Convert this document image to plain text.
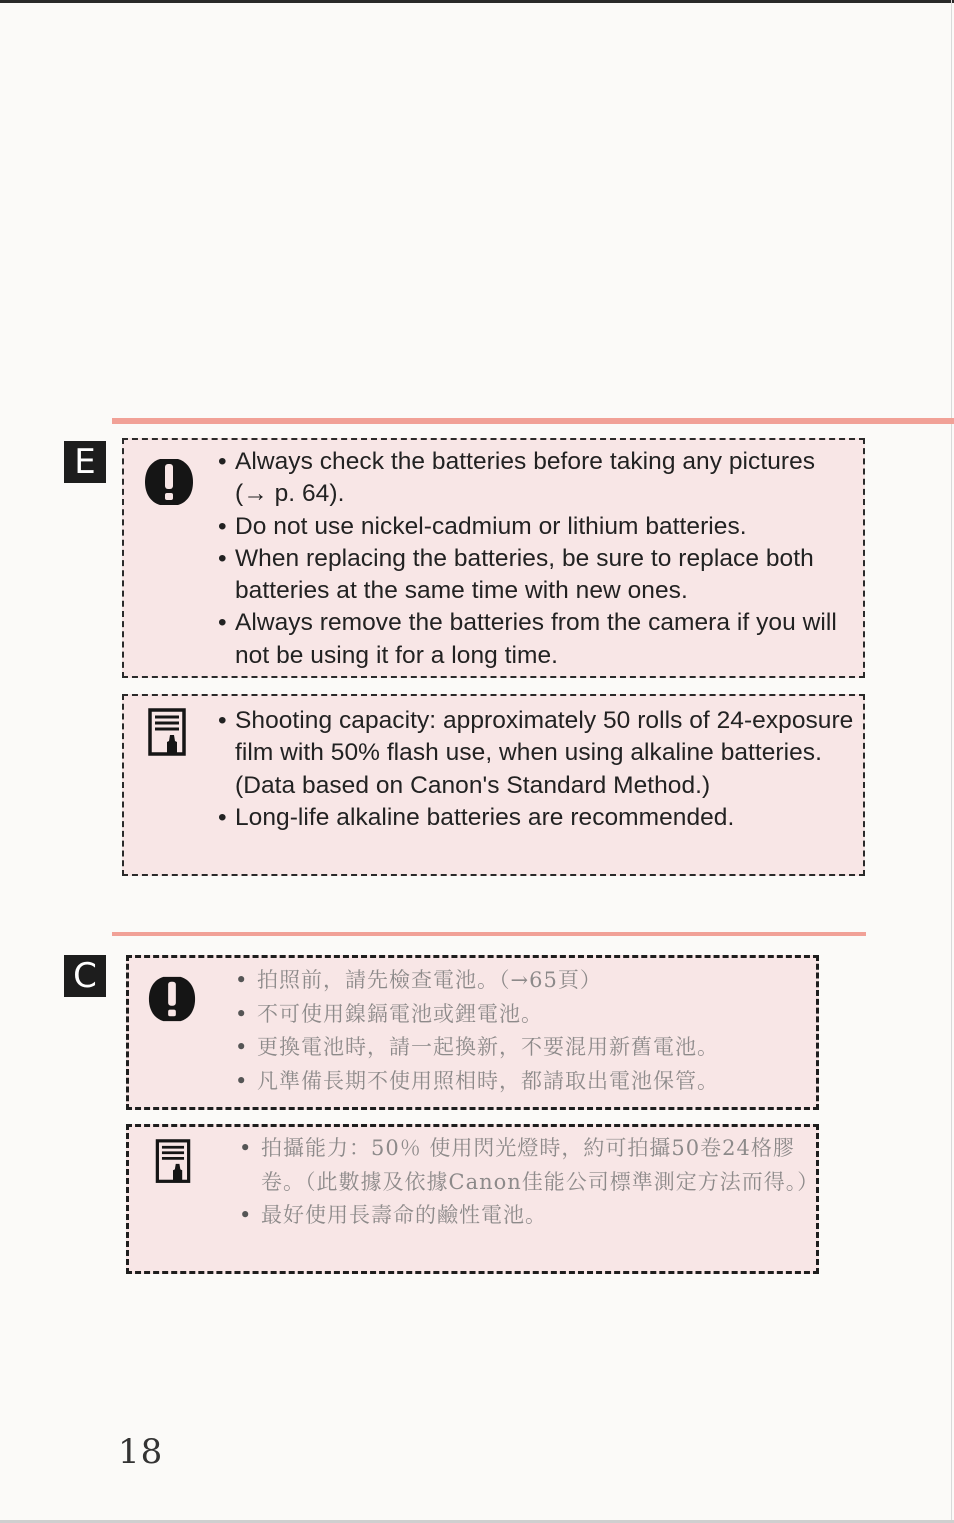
E	• Always check the batteries before taking any pictures (→ p. 64).
• Do not use nickel-cadmium or lithium batteries.
• When replacing the batteries, be sure to replace both batteries at the same time with new ones.
• Always remove the batteries from the camera if you will not be using it for a long time.
• Shooting capacity: approximately 50 rolls of 24-exposure film with 50% flash use, when using alkaline batteries. (Data based on Canon's Standard Method.)
• Long-life alkaline batteries are recommended.
C	• 拍照前，請先檢查電池。（→65頁）
• 不可使用鎳鎘電池或鋰電池。
• 更換電池時，請一起換新，不要混用新舊電池。
• 凡準備長期不使用照相時，都請取出電池保管。
• 拍攝能力：50％ 使用閃光燈時，約可拍攝50卷24格膠卷。（此數據及依據Canon佳能公司標準測定方法而得。）
• 最好使用長壽命的鹼性電池。
18
